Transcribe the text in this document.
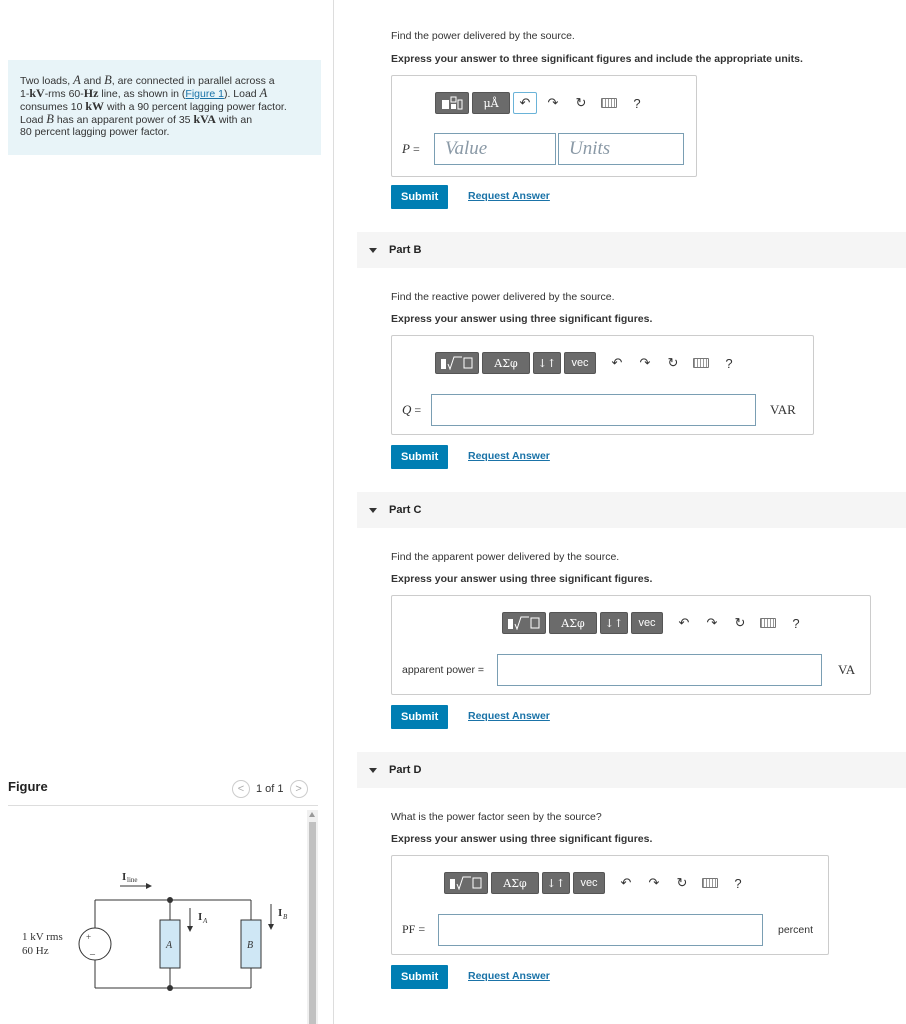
Two loads, A and B, are connected in parallel across a
1-kV-rms 60-Hz line, as shown in (Figure 1). Load A
consumes 10 kW with a 90 percent lagging power factor.
Load B has an apparent power of 35 kVA with an
80 percent lagging power factor.
Figure	<	1 of 1	>
+
–
1 kV rms
60 Hz
I line
I A
I B
A	B
Find the power delivered by the source.
Express your answer to three significant figures and include the appropriate units.
μÅ	↶	↷	↻	?
P =	Value	Units
Submit	Request Answer
Part B
Find the reactive power delivered by the source.
Express your answer using three significant figures.
ΑΣφ	↓↑	vec	↶	↷	↻	?
Q =	VAR
Submit	Request Answer
Part C
Find the apparent power delivered by the source.
Express your answer using three significant figures.
ΑΣφ	↓↑	vec	↶	↷	↻	?
apparent power =	VA
Submit	Request Answer
Part D
What is the power factor seen by the source?
Express your answer using three significant figures.
ΑΣφ	↓↑	vec	↶	↷	↻	?
PF =	percent
Submit	Request Answer
